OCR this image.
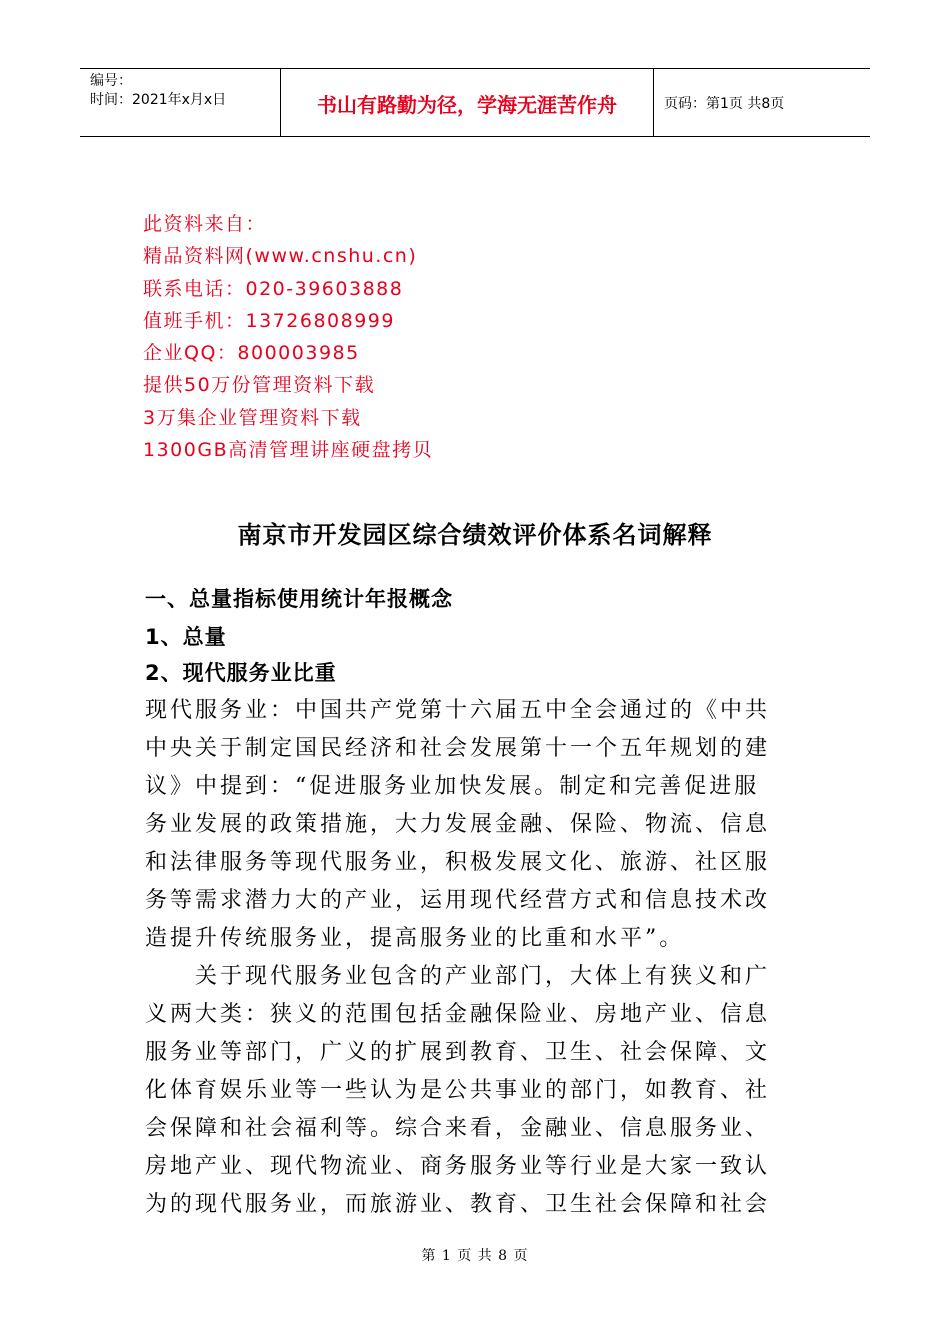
编号：
时间：2021年x月x日	书山有路勤为径，学海无涯苦作舟	页码：第1页 共8页
此资料来自：
精品资料网(www.cnshu.cn)
联系电话：020-39603888
值班手机：13726808999
企业QQ：800003985
提供50万份管理资料下载
3万集企业管理资料下载
1300GB高清管理讲座硬盘拷贝
南京市开发园区综合绩效评价体系名词解释
一、总量指标使用统计年报概念
1、总量
2、现代服务业比重
现代服务业：中国共产党第十六届五中全会通过的《中共
中央关于制定国民经济和社会发展第十一个五年规划的建
议》中提到：“促进服务业加快发展。制定和完善促进服
务业发展的政策措施，大力发展金融、保险、物流、信息
和法律服务等现代服务业，积极发展文化、旅游、社区服
务等需求潜力大的产业，运用现代经营方式和信息技术改
造提升传统服务业，提高服务业的比重和水平”。
　　关于现代服务业包含的产业部门，大体上有狭义和广
义两大类：狭义的范围包括金融保险业、房地产业、信息
服务业等部门，广义的扩展到教育、卫生、社会保障、文
化体育娱乐业等一些认为是公共事业的部门，如教育、社
会保障和社会福利等。综合来看，金融业、信息服务业、
房地产业、现代物流业、商务服务业等行业是大家一致认
为的现代服务业，而旅游业、教育、卫生社会保障和社会
第 1 页 共 8 页
